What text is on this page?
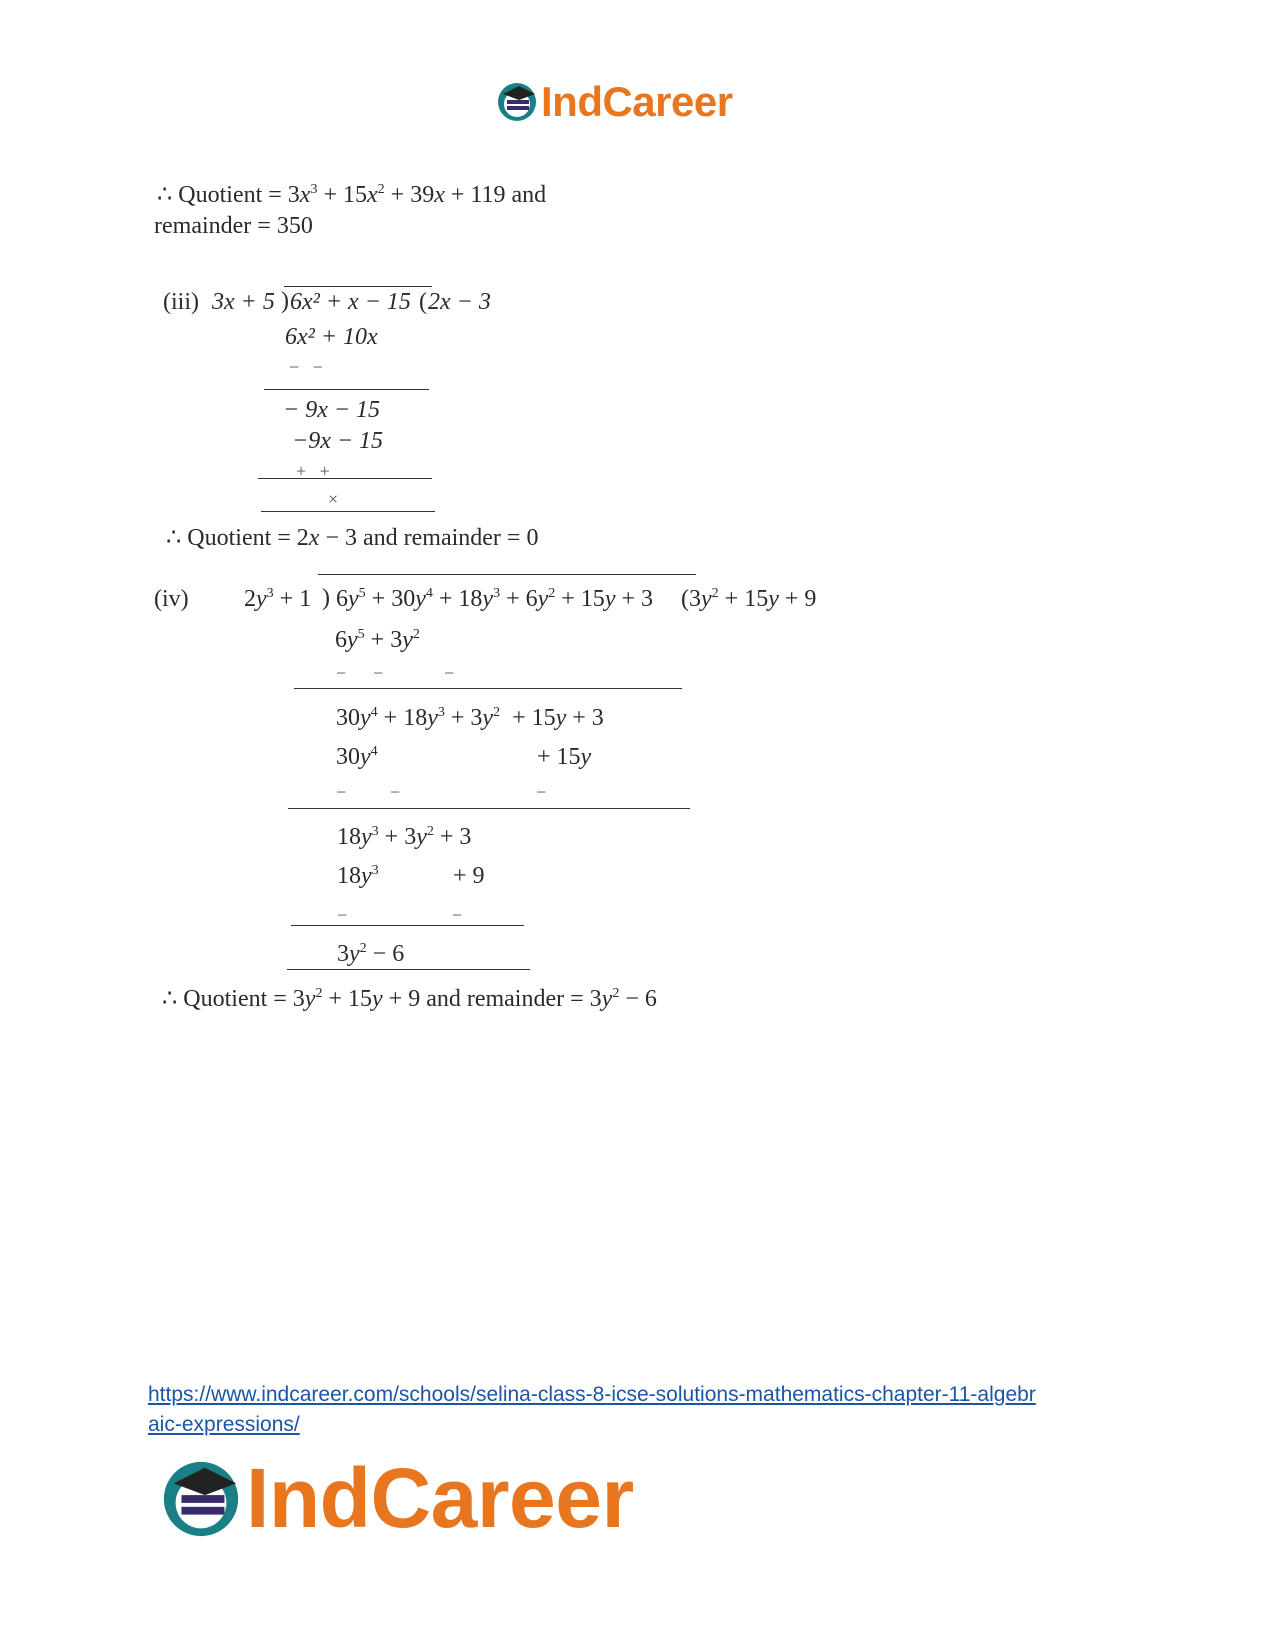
IndCareer
∴ Quotient = $3x^3 + 15x^2 + 39x + 119$ and
remainder = 350
(iii) 3x + 5 ) 6x² + x − 15 ( 2x − 3
6x² + 10x
−   −
− 9x − 15
−9x − 15
+   +
×
∴ Quotient = 2x − 3 and remainder = 0
(iv) $2y^3 + 1$ ) $6y^5 + 30y^4 + 18y^3 + 6y^2 + 15y + 3$ ($3y^2 + 15y + 9$
$6y^5 + 3y^2$
− −	−
$30y^4 + 18y^3 + 3y^2 + 15y + 3$
$30y^4$	+ 15y
− −	−
$18y^3 + 3y^2 + 3$
$18y^3$	+ 9
−	−
$3y^2 - 6$
∴ Quotient = $3y^2 + 15y + 9$ and remainder = $3y^2 - 6$
https://www.indcareer.com/schools/selina-class-8-icse-solutions-mathematics-chapter-11-algebr
aic-expressions/
IndCareer
